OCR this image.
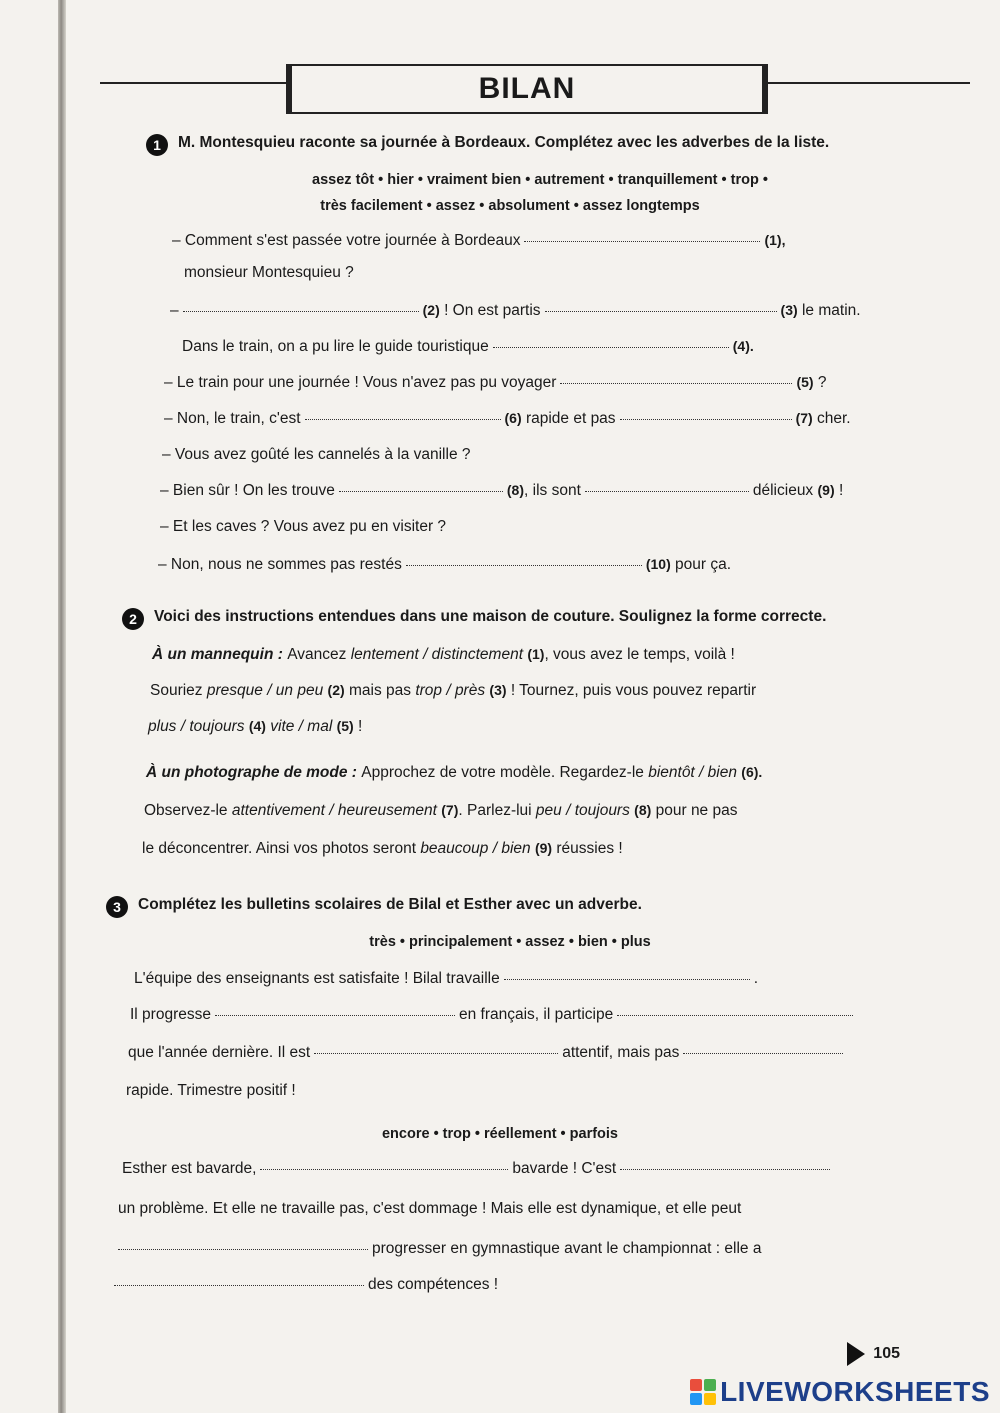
BILAN
1	M. Montesquieu raconte sa journée à Bordeaux. Complétez avec les adverbes de la liste.
assez tôt • hier • vraiment bien • autrement • tranquillement • trop •
très facilement • assez • absolument • assez longtemps
– Comment s'est passée votre journée à Bordeaux	(1),
monsieur Montesquieu ?
–	(2)
! On est partis	(3)
le matin.
Dans le train, on a pu lire le guide touristique	(4).
– Le train pour une journée ! Vous n'avez pas pu voyager	(5)
?
– Non, le train, c'est	(6)
rapide et pas	(7)
cher.
– Vous avez goûté les cannelés à la vanille ?
– Bien sûr ! On les trouve	(8) , ils sont	délicieux
(9)
!
– Et les caves ? Vous avez pu en visiter ?
– Non, nous ne sommes pas restés	(10)
pour ça.
2	Voici des instructions entendues dans une maison de couture. Soulignez la forme correcte.
À un mannequin :
Avancez
lentement / distinctement
(1) , vous avez le temps, voilà !
Souriez
presque / un peu
(2)
mais pas
trop / près
(3)
! Tournez, puis vous pouvez repartir
plus / toujours
(4)
vite / mal
(5)
!
À un photographe de mode :
Approchez de votre modèle. Regardez-le
bientôt / bien
(6).
Observez-le
attentivement / heureusement
(7) . Parlez-lui
peu / toujours
(8)
pour ne pas
le déconcentrer. Ainsi vos photos seront
beaucoup / bien
(9)
réussies !
3	Complétez les bulletins scolaires de Bilal et Esther avec un adverbe.
très • principalement • assez • bien • plus
L'équipe des enseignants est satisfaite ! Bilal travaille	.
Il progresse	en français, il participe
que l'année dernière. Il est	attentif, mais pas
rapide. Trimestre positif !
encore • trop • réellement • parfois
Esther est bavarde,	bavarde ! C'est
un problème. Et elle ne travaille pas, c'est dommage ! Mais elle est dynamique, et elle peut
progresser en gymnastique avant le championnat : elle a
des compétences !
105
LIVEWORKSHEETS
